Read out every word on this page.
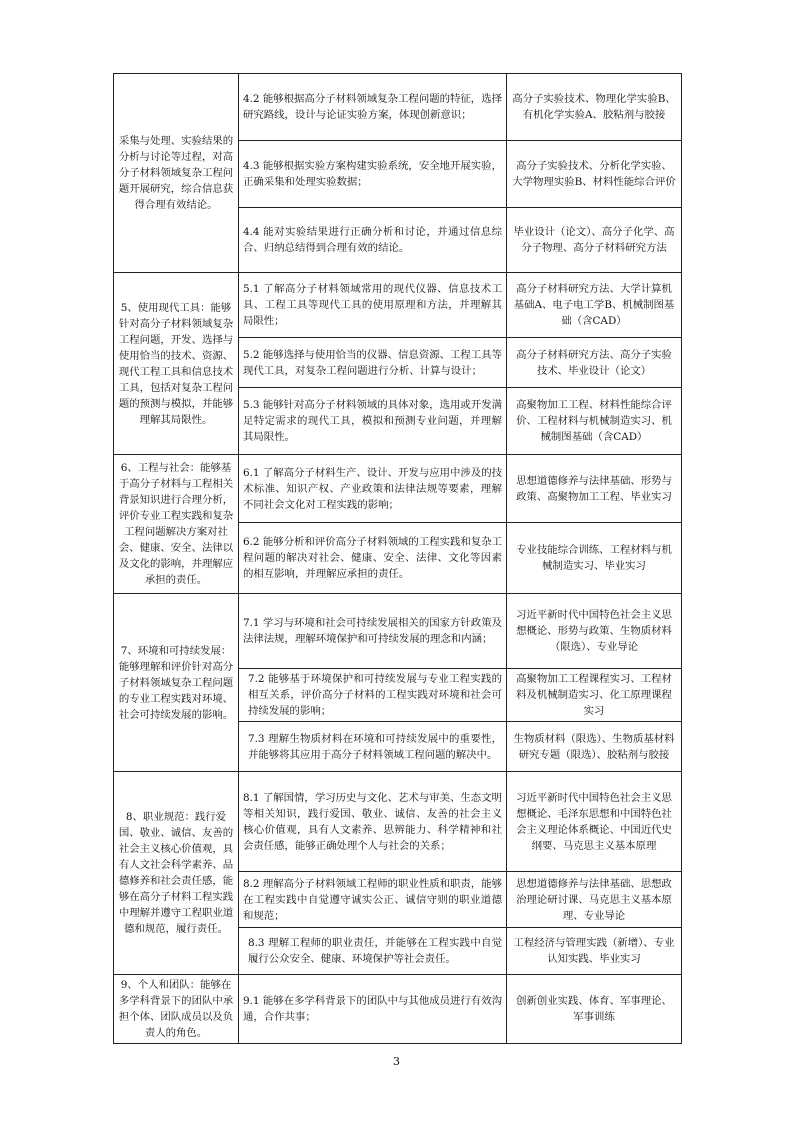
采集与处理、实验结果的分析与讨论等过程，对高分子材料领域复杂工程问题开展研究，综合信息获得合理有效结论。	4.2 能够根据高分子材料领域复杂工程问题的特征，选择研究路线，设计与论证实验方案，体现创新意识；	高分子实验技术、物理化学实验B、有机化学实验A、胶粘剂与胶接
	4.3 能够根据实验方案构建实验系统，安全地开展实验，正确采集和处理实验数据；	高分子实验技术、分析化学实验、大学物理实验B、材料性能综合评价
	4.4 能对实验结果进行正确分析和讨论，并通过信息综合、归纳总结得到合理有效的结论。	毕业设计（论文）、高分子化学、高分子物理、高分子材料研究方法
5、使用现代工具：能够针对高分子材料领域复杂工程问题，开发、选择与使用恰当的技术、资源、现代工程工具和信息技术工具，包括对复杂工程问题的预测与模拟，并能够理解其局限性。	5.1 了解高分子材料领域常用的现代仪器、信息技术工具、工程工具等现代工具的使用原理和方法，并理解其局限性；	高分子材料研究方法、大学计算机基础A、电子电工学B、机械制图基础（含CAD）
	5.2 能够选择与使用恰当的仪器、信息资源、工程工具等现代工具，对复杂工程问题进行分析、计算与设计；	高分子材料研究方法、高分子实验技术、毕业设计（论文）
	5.3 能够针对高分子材料领域的具体对象，选用或开发满足特定需求的现代工具，模拟和预测专业问题，并理解其局限性。	高聚物加工工程、材料性能综合评价、工程材料与机械制造实习、机械制图基础（含CAD）
6、工程与社会：能够基于高分子材料与工程相关背景知识进行合理分析，评价专业工程实践和复杂工程问题解决方案对社会、健康、安全、法律以及文化的影响，并理解应承担的责任。	6.1 了解高分子材料生产、设计、开发与应用中涉及的技术标准、知识产权、产业政策和法律法规等要素，理解不同社会文化对工程实践的影响；	思想道德修养与法律基础、形势与政策、高聚物加工工程、毕业实习
	6.2 能够分析和评价高分子材料领域的工程实践和复杂工程问题的解决对社会、健康、安全、法律、文化等因素的相互影响，并理解应承担的责任。	专业技能综合训练、工程材料与机械制造实习、毕业实习
7、环境和可持续发展：能够理解和评价针对高分子材料领域复杂工程问题的专业工程实践对环境、社会可持续发展的影响。	7.1 学习与环境和社会可持续发展相关的国家方针政策及法律法规，理解环境保护和可持续发展的理念和内涵；	习近平新时代中国特色社会主义思想概论、形势与政策、生物质材料（限选）、专业导论
	7.2 能够基于环境保护和可持续发展与专业工程实践的相互关系，评价高分子材料的工程实践对环境和社会可持续发展的影响；	高聚物加工工程课程实习、工程材料及机械制造实习、化工原理课程实习
	7.3 理解生物质材料在环境和可持续发展中的重要性，并能够将其应用于高分子材料领域工程问题的解决中。	生物质材料（限选）、生物质基材料研究专题（限选）、胶粘剂与胶接
8、职业规范：践行爱国、敬业、诚信、友善的社会主义核心价值观，具有人文社会科学素养、品德修养和社会责任感，能够在高分子材料工程实践中理解并遵守工程职业道德和规范，履行责任。	8.1 了解国情，学习历史与文化、艺术与审美、生态文明等相关知识，践行爱国、敬业、诚信、友善的社会主义核心价值观，具有人文素养、思辨能力、科学精神和社会责任感，能够正确处理个人与社会的关系；	习近平新时代中国特色社会主义思想概论、毛泽东思想和中国特色社会主义理论体系概论、中国近代史纲要、马克思主义基本原理
	8.2 理解高分子材料领域工程师的职业性质和职责，能够在工程实践中自觉遵守诚实公正、诚信守则的职业道德和规范；	思想道德修养与法律基础、思想政治理论研讨课、马克思主义基本原理、专业导论
	8.3 理解工程师的职业责任，并能够在工程实践中自觉履行公众安全、健康、环境保护等社会责任。	工程经济与管理实践（新增）、专业认知实践、毕业实习
9、个人和团队：能够在多学科背景下的团队中承担个体、团队成员以及负责人的角色。	9.1 能够在多学科背景下的团队中与其他成员进行有效沟通，合作共事；	创新创业实践、体育、军事理论、军事训练
3
